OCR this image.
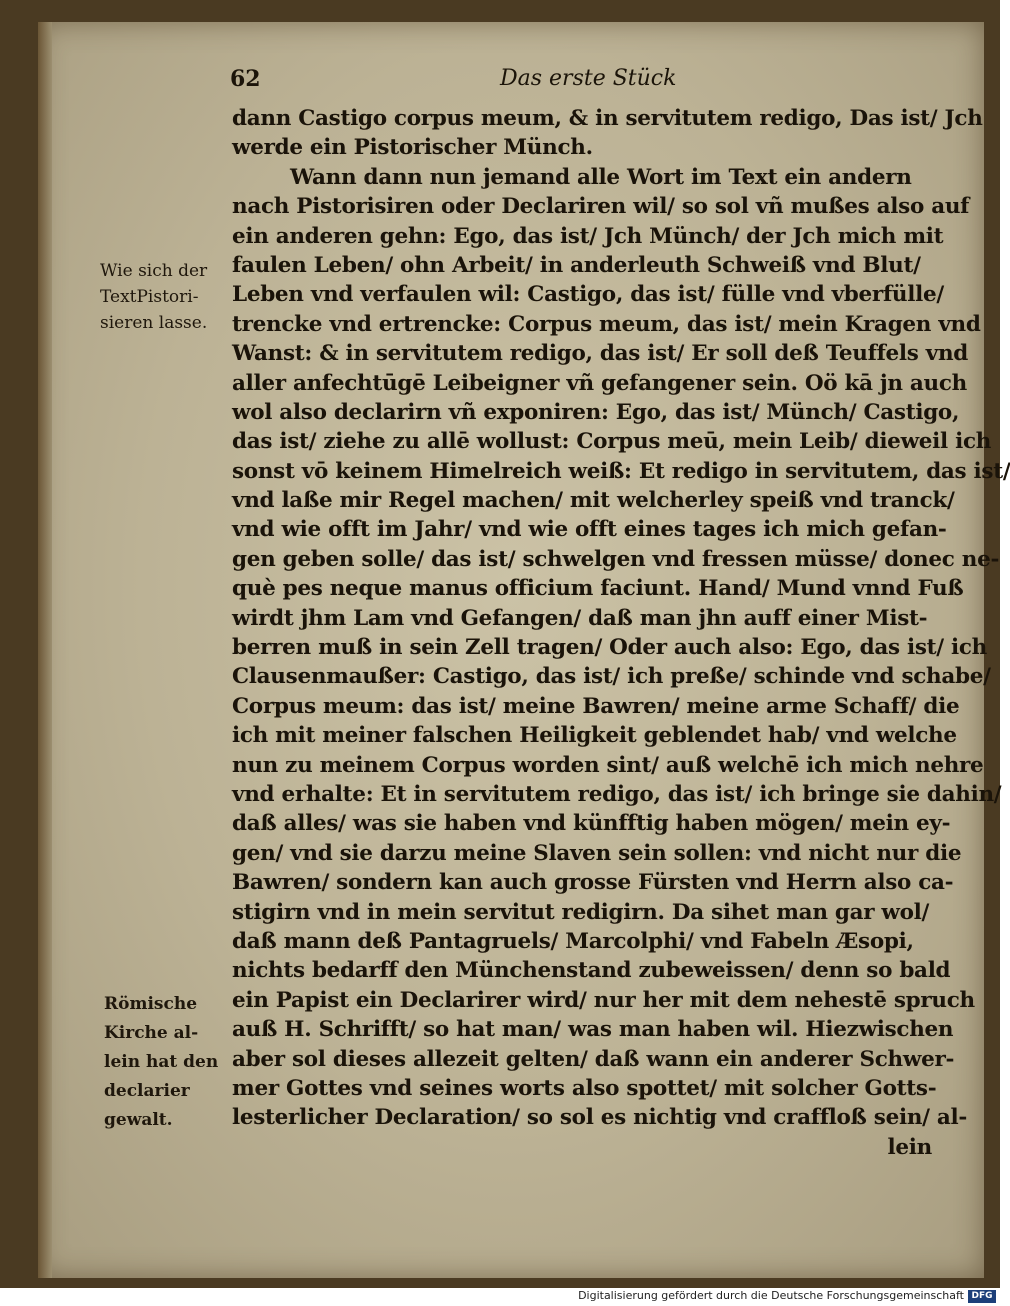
62	Das erste Stück
dann Castigo corpus meum, & in servitutem redigo, Das ist/ Jch
werde ein Pistorischer Münch.
Wann dann nun jemand alle Wort im Text ein andern
nach Pistorisiren oder Declariren wil/ so sol vñ mußes also auf
ein anderen gehn: Ego, das ist/ Jch Münch/ der Jch mich mit
faulen Leben/ ohn Arbeit/ in anderleuth Schweiß vnd Blut/
Leben vnd verfaulen wil: Castigo, das ist/ fülle vnd vberfülle/
trencke vnd ertrencke: Corpus meum, das ist/ mein Kragen vnd
Wanst: & in servitutem redigo, das ist/ Er soll deß Teuffels vnd
aller anfechtūgē Leibeigner vñ gefangener sein. Oö kā jn auch
wol also declarirn vñ exponiren: Ego, das ist/ Münch/ Castigo,
das ist/ ziehe zu allē wollust: Corpus meū, mein Leib/ dieweil ich
sonst vō keinem Himelreich weiß: Et redigo in servitutem, das ist/
vnd laße mir Regel machen/ mit welcherley speiß vnd tranck/
vnd wie offt im Jahr/ vnd wie offt eines tages ich mich gefan-
gen geben solle/ das ist/ schwelgen vnd fressen müsse/ donec ne-
què pes neque manus officium faciunt. Hand/ Mund vnnd Fuß
wirdt jhm Lam vnd Gefangen/ daß man jhn auff einer Mist-
berren muß in sein Zell tragen/ Oder auch also: Ego, das ist/ ich
Clausenmaußer: Castigo, das ist/ ich preße/ schinde vnd schabe/
Corpus meum: das ist/ meine Bawren/ meine arme Schaff/ die
ich mit meiner falschen Heiligkeit geblendet hab/ vnd welche
nun zu meinem Corpus worden sint/ auß welchē ich mich nehre
vnd erhalte: Et in servitutem redigo, das ist/ ich bringe sie dahin/
daß alles/ was sie haben vnd künfftig haben mögen/ mein ey-
gen/ vnd sie darzu meine Slaven sein sollen: vnd nicht nur die
Bawren/ sondern kan auch grosse Fürsten vnd Herrn also ca-
stigirn vnd in mein servitut redigirn. Da sihet man gar wol/
daß mann deß Pantagruels/ Marcolphi/ vnd Fabeln Æsopi,
nichts bedarff den Münchenstand zubeweissen/ denn so bald
ein Papist ein Declarirer wird/ nur her mit dem nehestē spruch
auß H. Schrifft/ so hat man/ was man haben wil. Hiezwischen
aber sol dieses allezeit gelten/ daß wann ein anderer Schwer-
mer Gottes vnd seines worts also spottet/ mit solcher Gotts-
lesterlicher Declaration/ so sol es nichtig vnd craffloß sein/ al-
lein
Wie sich der
TextPistori-
sieren lasse.
Römische
Kirche al-
lein hat den
declarier
gewalt.
Digitalisierung gefördert durch die Deutsche Forschungsgemeinschaft DFG
